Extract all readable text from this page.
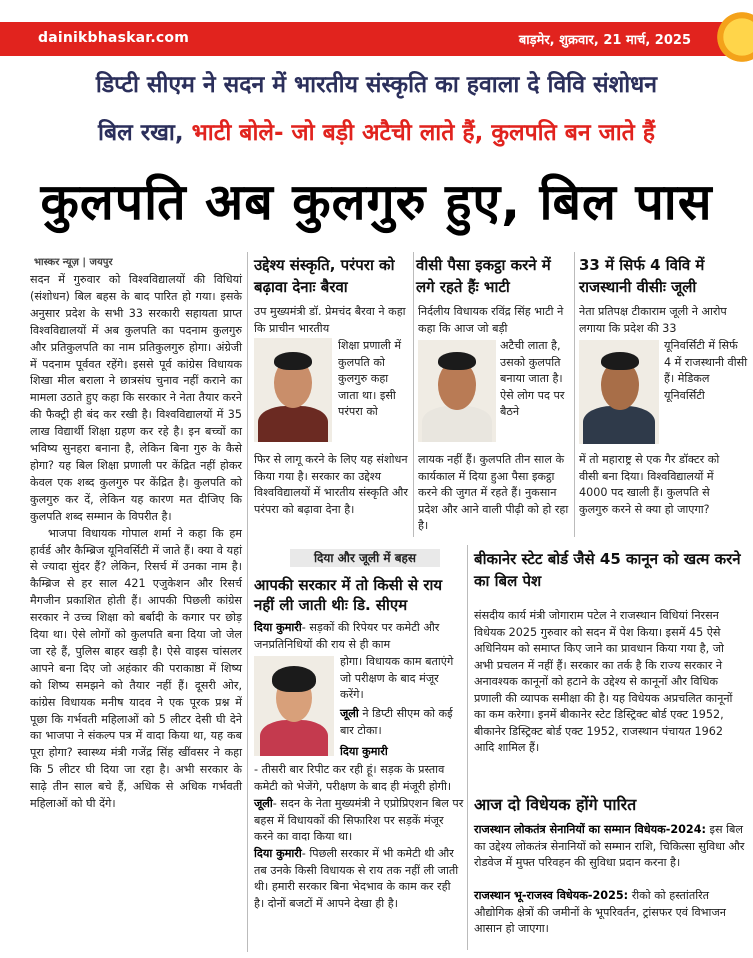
dainikbhaskar.com	बाड़मेर, शुक्रवार, 21 मार्च, 2025
डिप्टी सीएम ने सदन में भारतीय संस्कृति का हवाला दे विवि संशोधन
बिल रखा, भाटी बोले- जो बड़ी अटैची लाते हैं, कुलपति बन जाते हैं
कुलपति अब कुलगुरु हुए, बिल पास
भास्कर न्यूज़ | जयपुर

सदन में गुरुवार को विश्वविद्यालयों की विधियां (संशोधन) बिल बहस के बाद पारित हो गया। इसके अनुसार प्रदेश के सभी 33 सरकारी सहायता प्राप्त विश्वविद्यालयों में अब कुलपति का पदनाम कुलगुरु और प्रतिकुलपति का नाम प्रतिकुलगुरु होगा। अंग्रेजी में पदनाम पूर्ववत रहेंगे। इससे पूर्व कांग्रेस विधायक शिखा मील बराला ने छात्रसंघ चुनाव नहीं कराने का मामला उठाते हुए कहा कि सरकार ने नेता तैयार करने की फैक्ट्री ही बंद कर रखी है। विश्वविद्यालयों में 35 लाख विद्यार्थी शिक्षा ग्रहण कर रहे है। इन बच्चों का भविष्य सुनहरा बनाना है, लेकिन बिना गुरु के कैसे होगा? यह बिल शिक्षा प्रणाली पर केंद्रित नहीं होकर केवल एक शब्द कुलगुरु पर केंद्रित है। कुलपति को कुलगुरु कर दें, लेकिन यह कारण मत दीजिए कि कुलपति शब्द सम्मान के विपरीत है।

भाजपा विधायक गोपाल शर्मा ने कहा कि हम हार्वर्ड और कैम्ब्रिज यूनिवर्सिटी में जाते हैं। क्या वे यहां से ज्यादा सुंदर हैं? लेकिन, रिसर्च में उनका नाम है। कैम्ब्रिज से हर साल 421 एजुकेशन और रिसर्च मैगजीन प्रकाशित होती हैं। आपकी पिछली कांग्रेस सरकार ने उच्च शिक्षा को बर्बादी के कगार पर छोड़ दिया था। ऐसे लोगों को कुलपति बना दिया जो जेल जा रहे हैं, पुलिस बाहर खड़ी है। ऐसे वाइस चांसलर आपने बना दिए जो अहंकार की पराकाष्ठा में शिष्य को शिष्य समझने को तैयार नहीं हैं। दूसरी ओर, कांग्रेस विधायक मनीष यादव ने एक पूरक प्रश्न में पूछा कि गर्भवती महिलाओं को 5 लीटर देसी घी देने का भाजपा ने संकल्प पत्र में वादा किया था, यह कब पूरा होगा? स्वास्थ्य मंत्री गजेंद्र सिंह खींवसर ने कहा कि 5 लीटर घी दिया जा रहा है। अभी सरकार के साढ़े तीन साल बचे हैं, अधिक से अधिक गर्भवती महिलाओं को घी देंगे।

उद्देश्य संस्कृति, परंपरा को बढ़ावा देनाः बैरवा
उप मुख्यमंत्री डॉ. प्रेमचंद बैरवा ने कहा कि प्राचीन भारतीय
शिक्षा प्रणाली में कुलपति को कुलगुरु कहा जाता था। इसी परंपरा को
फिर से लागू करने के लिए यह संशोधन किया गया है। सरकार का उद्देश्य विश्वविद्यालयों में भारतीय संस्कृति और परंपरा को बढ़ावा देना है।
वीसी पैसा इकट्ठा करने में लगे रहते हैंः भाटी
निर्दलीय विधायक रविंद्र सिंह भाटी ने कहा कि आज जो बड़ी
अटैची लाता है, उसको कुलपति बनाया जाता है। ऐसे लोग पद पर बैठने
लायक नहीं हैं। कुलपति तीन साल के कार्यकाल में दिया हुआ पैसा इकट्ठा करने की जुगत में रहते हैं। नुकसान प्रदेश और आने वाली पीढ़ी को हो रहा है।
33 में सिर्फ 4 विवि में राजस्थानी वीसीः जूली
नेता प्रतिपक्ष टीकाराम जूली ने आरोप लगाया कि प्रदेश की 33
यूनिवर्सिटी में सिर्फ 4 में राजस्थानी वीसी हैं। मेडिकल यूनिवर्सिटी
में तो महाराष्ट्र से एक गैर डॉक्टर को वीसी बना दिया। विश्वविद्यालयों में 4000 पद खाली हैं। कुलपति से कुलगुरु करने से क्या हो जाएगा?
दिया और जूली में बहस
आपकी सरकार में तो किसी से राय नहीं ली जाती थीः डि. सीएम
दिया कुमारी- सड़कों की रिपेयर पर कमेटी और जनप्रतिनिधियों की राय से ही काम
होगा। विधायक काम बताएंगे जो परीक्षण के बाद मंजूर करेंगे।
जूली ने डिप्टी सीएम को कई बार टोका।
दिया कुमारी
- तीसरी बार रिपीट कर रही हूं। सड़क के प्रस्ताव कमेटी को भेजेंगे, परीक्षण के बाद ही मंजूरी होगी।
जूली- सदन के नेता मुख्यमंत्री ने एप्रोप्रिएशन बिल पर बहस में विधायकों की सिफारिश पर सड़कें मंजूर करने का वादा किया था।
दिया कुमारी- पिछली सरकार में भी कमेटी थी और तब उनके किसी विधायक से राय तक नहीं ली जाती थी। हमारी सरकार बिना भेदभाव के काम कर रही है। दोनों बजटों में आपने देखा ही है।
बीकानेर स्टेट बोर्ड जैसे 45 कानून को खत्म करने का बिल पेश
संसदीय कार्य मंत्री जोगाराम पटेल ने राजस्थान विधियां निरसन विधेयक 2025 गुरुवार को सदन में पेश किया। इसमें 45 ऐसे अधिनियम को समाप्त किए जाने का प्रावधान किया गया है, जो अभी प्रचलन में नहीं हैं। सरकार का तर्क है कि राज्य सरकार ने अनावश्यक कानूनों को हटाने के उद्देश्य से कानूनों और विधिक प्रणाली की व्यापक समीक्षा की है। यह विधेयक अप्रचलित कानूनों का कम करेगा। इनमें बीकानेर स्टेट डिस्ट्रिक्ट बोर्ड एक्ट 1952, बीकानेर डिस्ट्रिक्ट बोर्ड एक्ट 1952, राजस्थान पंचायत 1962 आदि शामिल हैं।
आज दो विधेयक होंगे पारित
राजस्थान लोकतंत्र सेनानियों का सम्मान विधेयक-2024: इस बिल का उद्देश्य लोकतंत्र सेनानियों को सम्मान राशि, चिकित्सा सुविधा और रोडवेज में मुफ्त परिवहन की सुविधा प्रदान करना है।
राजस्थान भू-राजस्व विधेयक-2025: रीको को हस्तांतरित औद्योगिक क्षेत्रों की जमीनों के भूपरिवर्तन, ट्रांसफर एवं विभाजन आसान हो जाएगा।
